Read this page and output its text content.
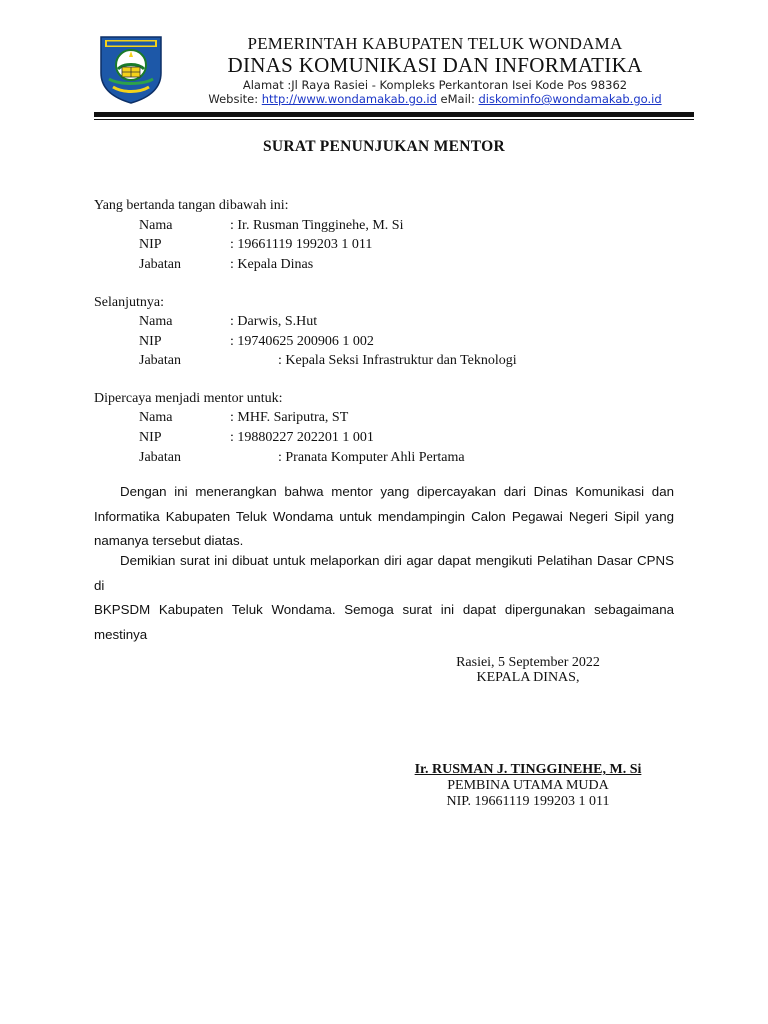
PEMERINTAH KABUPATEN TELUK WONDAMA
DINAS KOMUNIKASI DAN INFORMATIKA
Alamat :Jl Raya Rasiei - Kompleks Perkantoran Isei Kode Pos 98362
Website: http://www.wondamakab.go.id eMail: diskominfo@wondamakab.go.id
SURAT PENUNJUKAN MENTOR
Yang bertanda tangan dibawah ini:
Nama	: Ir. Rusman Tingginehe, M. Si
NIP	: 19661119 199203 1 011
Jabatan	: Kepala Dinas
Selanjutnya:
Nama	: Darwis, S.Hut
NIP	: 19740625 200906 1 002
Jabatan	: Kepala Seksi Infrastruktur dan Teknologi
Dipercaya menjadi mentor untuk:
Nama	: MHF. Sariputra, ST
NIP	: 19880227 202201 1 001
Jabatan	: Pranata Komputer Ahli Pertama
Dengan ini menerangkan bahwa mentor yang dipercayakan dari Dinas Komunikasi dan
Informatika Kabupaten Teluk Wondama untuk mendampingin Calon Pegawai Negeri Sipil yang
namanya tersebut diatas.
Demikian surat ini dibuat untuk melaporkan diri agar dapat mengikuti Pelatihan Dasar CPNS di
BKPSDM Kabupaten Teluk Wondama. Semoga surat ini dapat dipergunakan sebagaimana mestinya
Rasiei, 5 September 2022
KEPALA DINAS,
Ir. RUSMAN J. TINGGINEHE, M. Si
PEMBINA UTAMA MUDA
NIP. 19661119 199203 1 011
